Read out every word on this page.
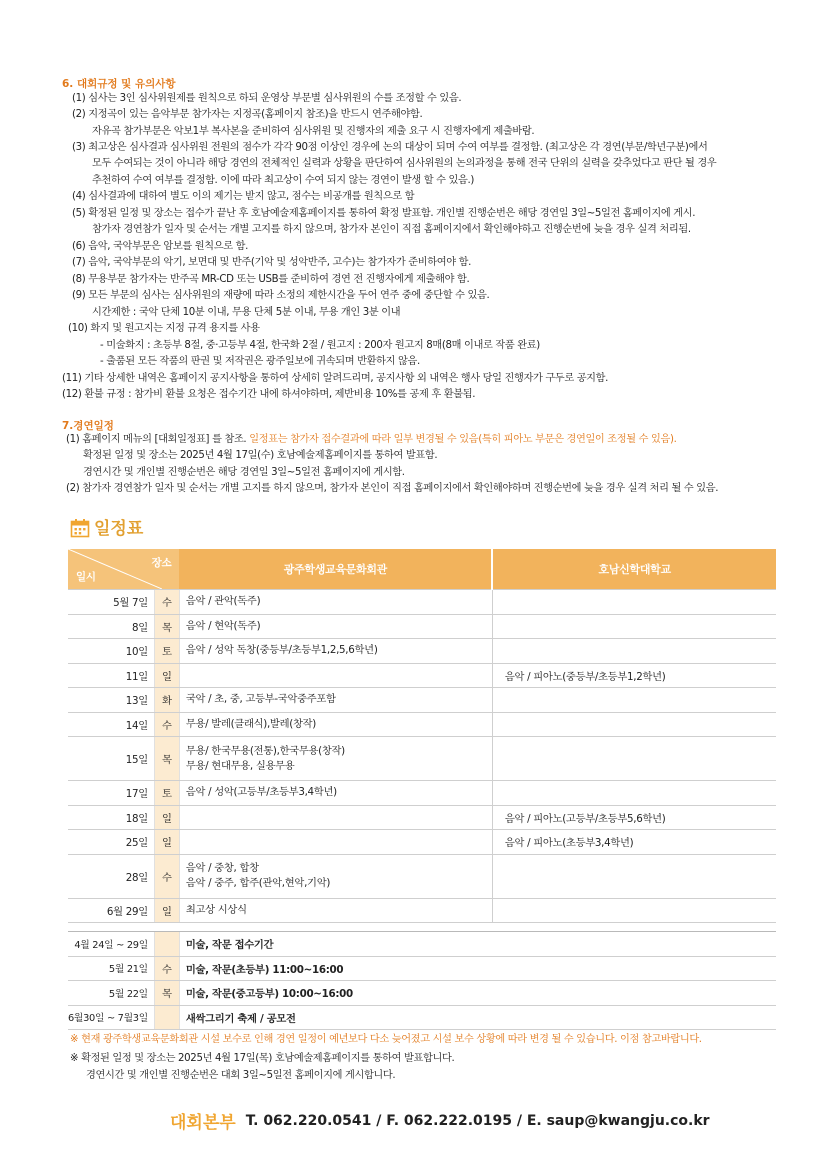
6. 대회규정 및 유의사항
(1) 심사는 3인 심사위원제를 원칙으로 하되 운영상 부문별 심사위원의 수를 조정할 수 있음.
(2) 지정곡이 있는 음악부문 참가자는 지정곡(홈페이지 참조)을 반드시 연주해야함.
자유곡 참가부문은 악보1부 복사본을 준비하여 심사위원 및 진행자의 제출 요구 시 진행자에게 제출바람.
(3) 최고상은 심사결과 심사위원 전원의 점수가 각각 90점 이상인 경우에 논의 대상이 되며 수여 여부를 결정함. (최고상은 각 경연(부문/학년구분)에서
모두 수여되는 것이 아니라 해당 경연의 전체적인 실력과 상황을 판단하여 심사위원의 논의과정을 통해 전국 단위의 실력을 갖추었다고 판단 될 경우
추천하여 수여 여부를 결정함. 이에 따라 최고상이 수여 되지 않는 경연이 발생 할 수 있음.)
(4) 심사결과에 대하여 별도 이의 제기는 받지 않고, 점수는 비공개를 원칙으로 함
(5) 확정된 일정 및 장소는 접수가 끝난 후 호남예술제홈페이지를 통하여 확정 발표함. 개인별 진행순번은 해당 경연일 3일~5일전 홈페이지에 게시.
참가자 경연참가 일자 및 순서는 개별 고지를 하지 않으며, 참가자 본인이 직접 홈페이지에서 확인해야하고 진행순번에 늦을 경우 실격 처리됨.
(6) 음악, 국악부문은 암보를 원칙으로 함.
(7) 음악, 국악부문의 악기, 보면대 및 반주(기악 및 성악반주, 고수)는 참가자가 준비하여야 함.
(8) 무용부문 참가자는 반주곡 MR-CD 또는 USB를 준비하여 경연 전 진행자에게 제출해야 함.
(9) 모든 부문의 심사는 심사위원의 재량에 따라 소정의 제한시간을 두어 연주 중에 중단할 수 있음.
시간제한 : 국악 단체 10분 이내, 무용 단체 5분 이내, 무용 개인 3분 이내
(10) 화지 및 원고지는 지정 규격 용지를 사용
- 미술화지 : 초등부 8절, 중·고등부 4절, 한국화 2절 / 원고지 : 200자 원고지 8매(8매 이내로 작품 완료)
- 출품된 모든 작품의 판권 및 저작권은 광주일보에 귀속되며 반환하지 않음.
(11) 기타 상세한 내역은 홈페이지 공지사항을 통하여 상세히 알려드리며, 공지사항 외 내역은 행사 당일 진행자가 구두로 공지함.
(12) 환불 규정 : 참가비 환불 요청은 접수기간 내에 하셔야하며, 제반비용 10%를 공제 후 환불됨.
7.경연일정
(1) 홈페이지 메뉴의 [대회일정표] 를 참조. 일정표는 참가자 접수결과에 따라 일부 변경될 수 있음(특히 피아노 부문은 경연일이 조정될 수 있음).
확정된 일정 및 장소는 2025년 4월 17일(수) 호남예술제홈페이지를 통하여 발표함.
경연시간 및 개인별 진행순번은 해당 경연일 3일~5일전 홈페이지에 게시함.
(2) 참가자 경연참가 일자 및 순서는 개별 고지를 하지 않으며, 참가자 본인이 직접 홈페이지에서 확인해야하며 진행순번에 늦을 경우 실격 처리 될 수 있음.
일정표
장소
일시		광주학생교육문화회관	호남신학대학교
5월 7일	수	음악 / 관악(독주)	

8일	목	음악 / 현악(독주)	

10일	토	음악 / 성악 독창(중등부/초등부1,2,5,6학년)	

11일	일		음악 / 피아노(중등부/초등부1,2학년)
13일	화	국악 / 초, 중, 고등부-국악중주포함	

14일	수	무용/ 발레(클래식),발레(창작)	

15일	목	무용/ 한국무용(전통),한국무용(창작)
무용/ 현대무용, 실용무용	

17일	토	음악 / 성악(고등부/초등부3,4학년)	

18일	일		음악 / 피아노(고등부/초등부5,6학년)
25일	일		음악 / 피아노(초등부3,4학년)
28일	수	음악 / 중창, 합창
음악 / 중주, 합주(관악,현악,기악)	

6월 29일	일	최고상 시상식	

4월 24일 ~ 29일		미술, 작문 접수기간	
5월 21일	수	미술, 작문(초등부) 11:00~16:00	
5월 22일	목	미술, 작문(중고등부) 10:00~16:00	
6월30일 ~ 7월3일		새싹그리기 축제 / 공모전	
※ 현재 광주학생교육문화회관 시설 보수로 인해 경연 일정이 예년보다 다소 늦어졌고 시설 보수 상황에 따라 변경 될 수 있습니다. 이점 참고바랍니다.
※ 확정된 일정 및 장소는 2025년 4월 17일(목) 호남예술제홈페이지를 통하여 발표합니다.
경연시간 및 개인별 진행순번은 대회 3일~5일전 홈페이지에 게시합니다.
대회본부 T. 062.220.0541 / F. 062.222.0195 / E. saup@kwangju.co.kr
